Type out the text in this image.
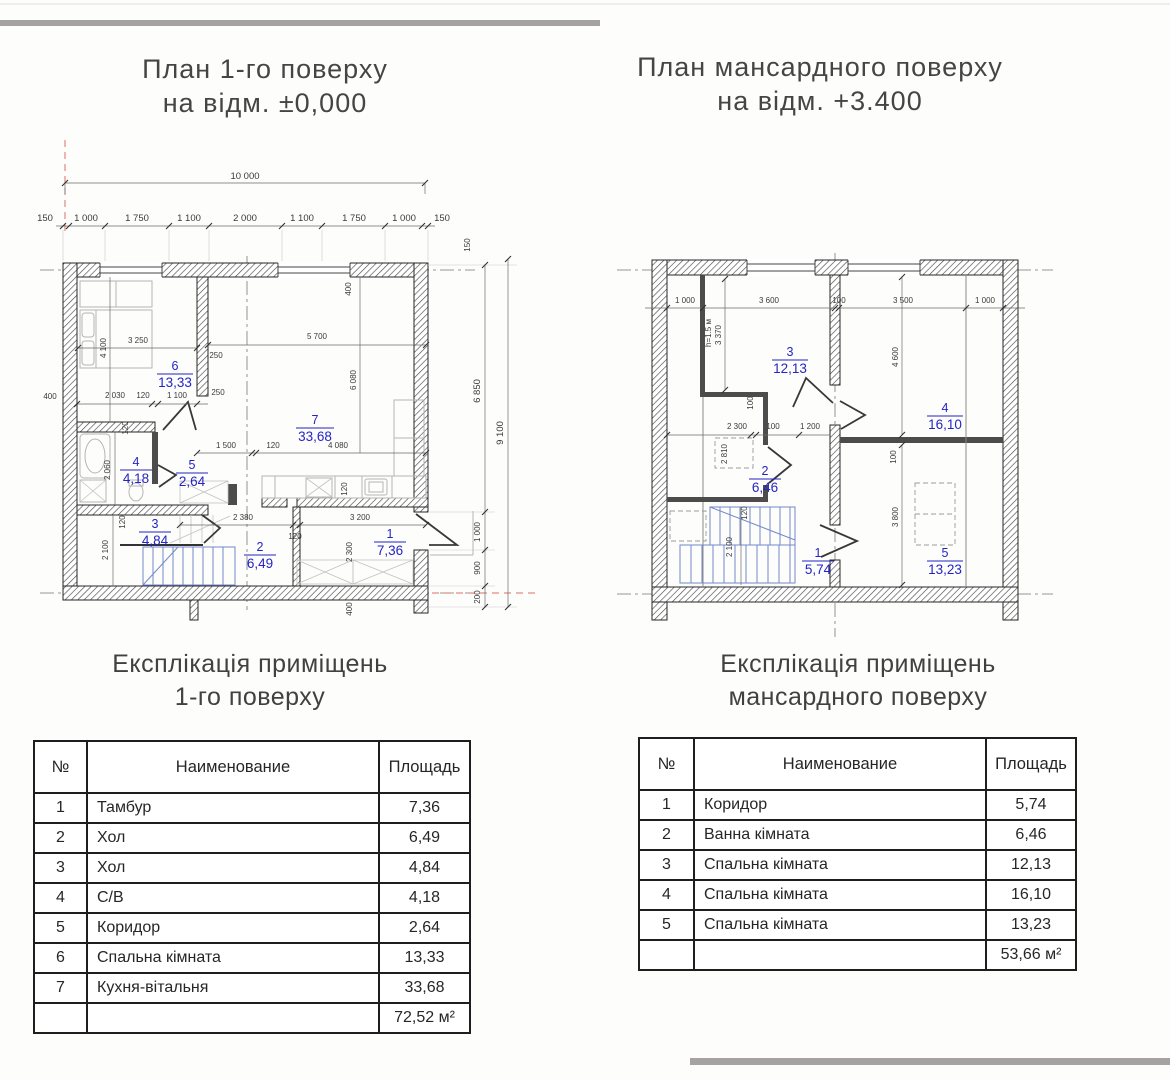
План 1-го поверху
на відм. ±0,000
План мансардного поверху
на відм. +3.400
10 000
150 1 000	1 750	1 100	2 000	1 100	1 750	1 000 150
150
6 850
1 000
900
200
9 100
400
3 250
4 100	250
250
2 030 120 1 100
5 700
400
6 080
1 500	120	4 080
120
2 060
120
2 100
120	2 380	3 200
120
2 300
400
6
13,33
7
33,68
4
4,18
5
2,64
3
4,84	2
6,49
1
7,36
1 000	3 600	100	3 500	1 000
h=1.5 м 3 370
100
4 600
2 300 100	1 200
2 810	100
3 800
120
2 100
3
12,13
4
16,10
2
6,46
1
5,74
5
13,23
Експлікація приміщень
1-го поверху
Експлікація приміщень
мансардного поверху
№	Наименование	Площадь
1	Тамбур	7,36
2	Хол	6,49
3	Хол	4,84
4	С/В	4,18
5	Коридор	2,64
6	Спальна кімната	13,33
7	Кухня-вітальня	33,68
		72,52 м²
№	Наименование	Площадь
1	Коридор	5,74
2	Ванна кімната	6,46
3	Спальна кімната	12,13
4	Спальна кімната	16,10
5	Спальна кімната	13,23
		53,66 м²
